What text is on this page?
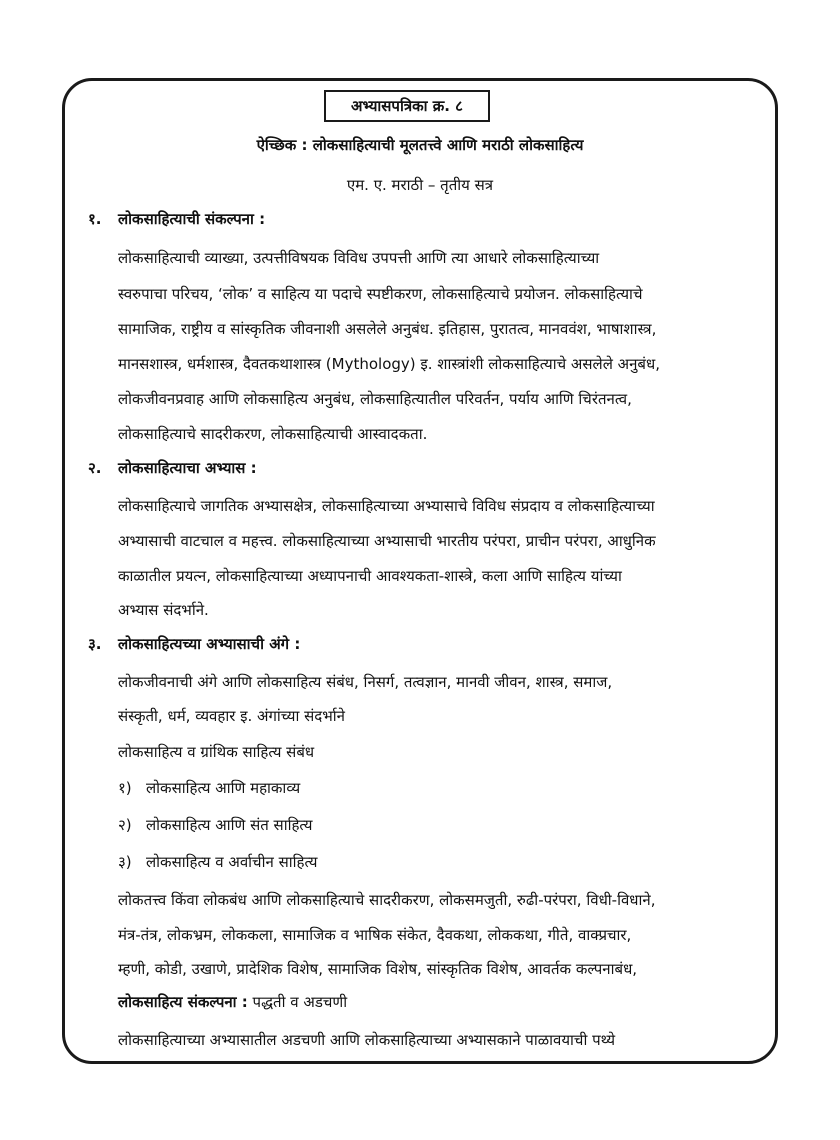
अभ्यासपत्रिका क्र. ८
ऐच्छिक : लोकसाहित्याची मूलतत्त्वे आणि मराठी लोकसाहित्य
एम. ए. मराठी – तृतीय सत्र
१. लोकसाहित्याची संकल्पना :
लोकसाहित्याची व्याख्या, उत्पत्तीविषयक विविध उपपत्ती आणि त्या आधारे लोकसाहित्याच्या
स्वरुपाचा परिचय, ‘लोक’ व साहित्य या पदाचे स्पष्टीकरण, लोकसाहित्याचे प्रयोजन. लोकसाहित्याचे
सामाजिक, राष्ट्रीय व सांस्कृतिक जीवनाशी असलेले अनुबंध. इतिहास, पुरातत्व, मानववंश, भाषाशास्त्र,
मानसशास्त्र, धर्मशास्त्र, दैवतकथाशास्त्र (Mythology) इ. शास्त्रांशी लोकसाहित्याचे असलेले अनुबंध,
लोकजीवनप्रवाह आणि लोकसाहित्य अनुबंध, लोकसाहित्यातील परिवर्तन, पर्याय आणि चिरंतनत्व,
लोकसाहित्याचे सादरीकरण, लोकसाहित्याची आस्वादकता.
२. लोकसाहित्याचा अभ्यास :
लोकसाहित्याचे जागतिक अभ्यासक्षेत्र, लोकसाहित्याच्या अभ्यासाचे विविध संप्रदाय व लोकसाहित्याच्या
अभ्यासाची वाटचाल व महत्त्व. लोकसाहित्याच्या अभ्यासाची भारतीय परंपरा, प्राचीन परंपरा, आधुनिक
काळातील प्रयत्न, लोकसाहित्याच्या अध्यापनाची आवश्यकता-शास्त्रे, कला आणि साहित्य यांच्या
अभ्यास संदर्भाने.
३. लोकसाहित्यच्या अभ्यासाची अंगे :
लोकजीवनाची अंगे आणि लोकसाहित्य संबंध, निसर्ग, तत्वज्ञान, मानवी जीवन, शास्त्र, समाज,
संस्कृती, धर्म, व्यवहार इ. अंगांच्या संदर्भाने
लोकसाहित्य व ग्रांथिक साहित्य संबंध
१) लोकसाहित्य आणि महाकाव्य
२) लोकसाहित्य आणि संत साहित्य
३) लोकसाहित्य व अर्वाचीन साहित्य
लोकतत्त्व किंवा लोकबंध आणि लोकसाहित्याचे सादरीकरण, लोकसमजुती, रुढी-परंपरा, विधी-विधाने,
मंत्र-तंत्र, लोकभ्रम, लोककला, सामाजिक व भाषिक संकेत, दैवकथा, लोककथा, गीते, वाक्प्रचार,
म्हणी, कोडी, उखाणे, प्रादेशिक विशेष, सामाजिक विशेष, सांस्कृतिक विशेष, आवर्तक कल्पनाबंध,
लोकसाहित्य संकल्पना : पद्धती व अडचणी
लोकसाहित्याच्या अभ्यासातील अडचणी आणि लोकसाहित्याच्या अभ्यासकाने पाळावयाची पथ्ये
